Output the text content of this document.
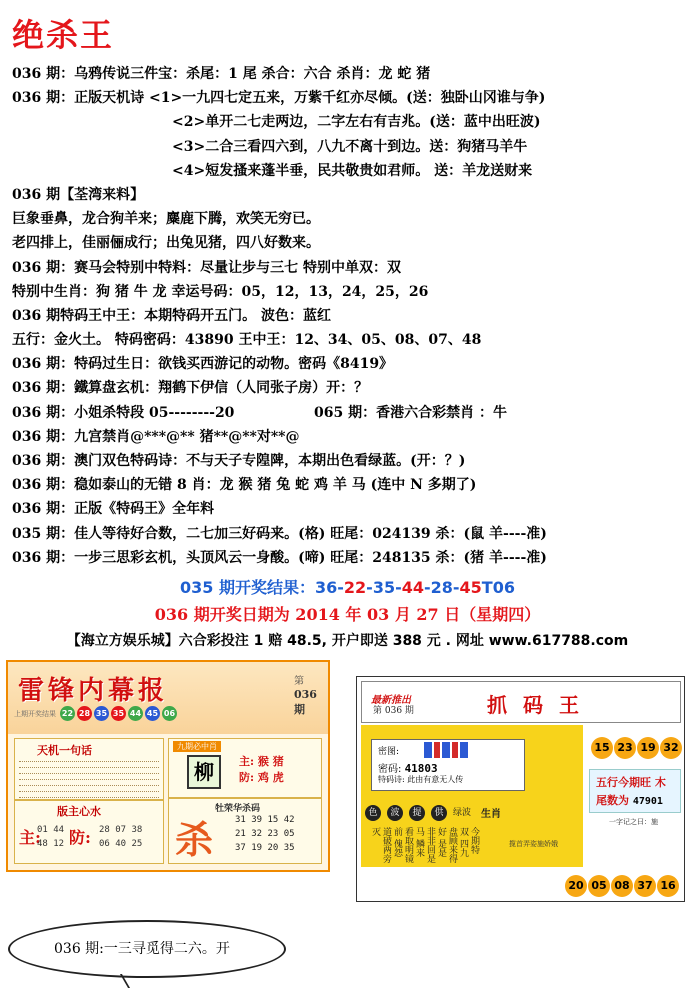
绝杀王
036 期：乌鸦传说三件宝：杀尾：1 尾 杀合：六合 杀肖：龙 蛇 猪
036 期：正版天机诗 <1>一九四七定五来，万紫千红亦尽倾。(送：独卧山冈谁与争)
<2>单开二七走两边，二字左右有吉兆。(送：蓝中出旺波)
<3>二合三看四六到，八九不离十到边。送：狗猪马羊牛
<4>短发搔来蓬半垂，民共敬贵如君师。 送：羊龙送财来
036 期【荃湾来料】
巨象垂鼻，龙合狗羊来；麋鹿下腾，欢笑无穷已。
老四排上，佳丽俪成行；出兔见猪，四八好数来。
036 期：赛马会特别中特料：尽量让步与三七 特别中单双：双
特别中生肖：狗 猪 牛 龙 幸运号码：05，12，13，24，25，26
036 期特码王中王：本期特码开五门。 波色：蓝红
五行：金火土。 特码密码：43890 王中王：12、34、05、08、07、48
036 期：特码过生日：欲钱买西游记的动物。密码《8419》
036 期：鐵算盘玄机：翔鹤下伊信（人同张子房）开：？
036 期：小姐杀特段 05--------20	065 期：香港六合彩禁肖 ：牛
036 期：九宫禁肖@***@** 猪**@**对**@
036 期：澳门双色特码诗：不与天子专隍陴，本期出色看绿蓝。(开：？)
036 期：稳如泰山的无错 8 肖：龙 猴 猪 兔 蛇 鸡 羊 马 (连中 N 多期了)
036 期：正版《特码王》全年料
035 期：佳人等待好合数，二七加三好码来。(格) 旺尾：024139 杀：(鼠 羊----准)
036 期：一步三思彩玄机，头顶风云一身酸。(啼) 旺尾：248135 杀：(猪 羊----准)
035 期开奖结果：36-22-35-44-28-45T06
036 期开奖日期为 2014 年 03 月 27 日（星期四）
【海立方娱乐城】六合彩投注 1 赔 48.5, 开户即送 388 元 . 网址 www.617788.com
雷锋内幕报	第
036
期
上期开奖结果 22 28 35 35 44 45 06
天机一句话
版主心水
主: 防:
01 44
48 12
28 07 38
06 40 25
九期必中肖
柳	主: 猴 猪
防: 鸡 虎
杀
牡荣华杀码
31 39 15 42
21 32 23 05
37 19 20 35
最新推出
第 036 期	抓码王
密图:
密码: 41803
特码诗: 此由有意无人传
色	波	提	供	绿波 生肖
今期特 双 四九盘顾来得好 是是非非回是马 鳞来看取明镜前 傀怨道破两旁灭
15 23 19 32
五行今期旺 木
尾数为 47901
一字记之曰：施
揽首弄姿施娇娥
20 05 08 37 16
036 期:一三寻觅得二六。开
